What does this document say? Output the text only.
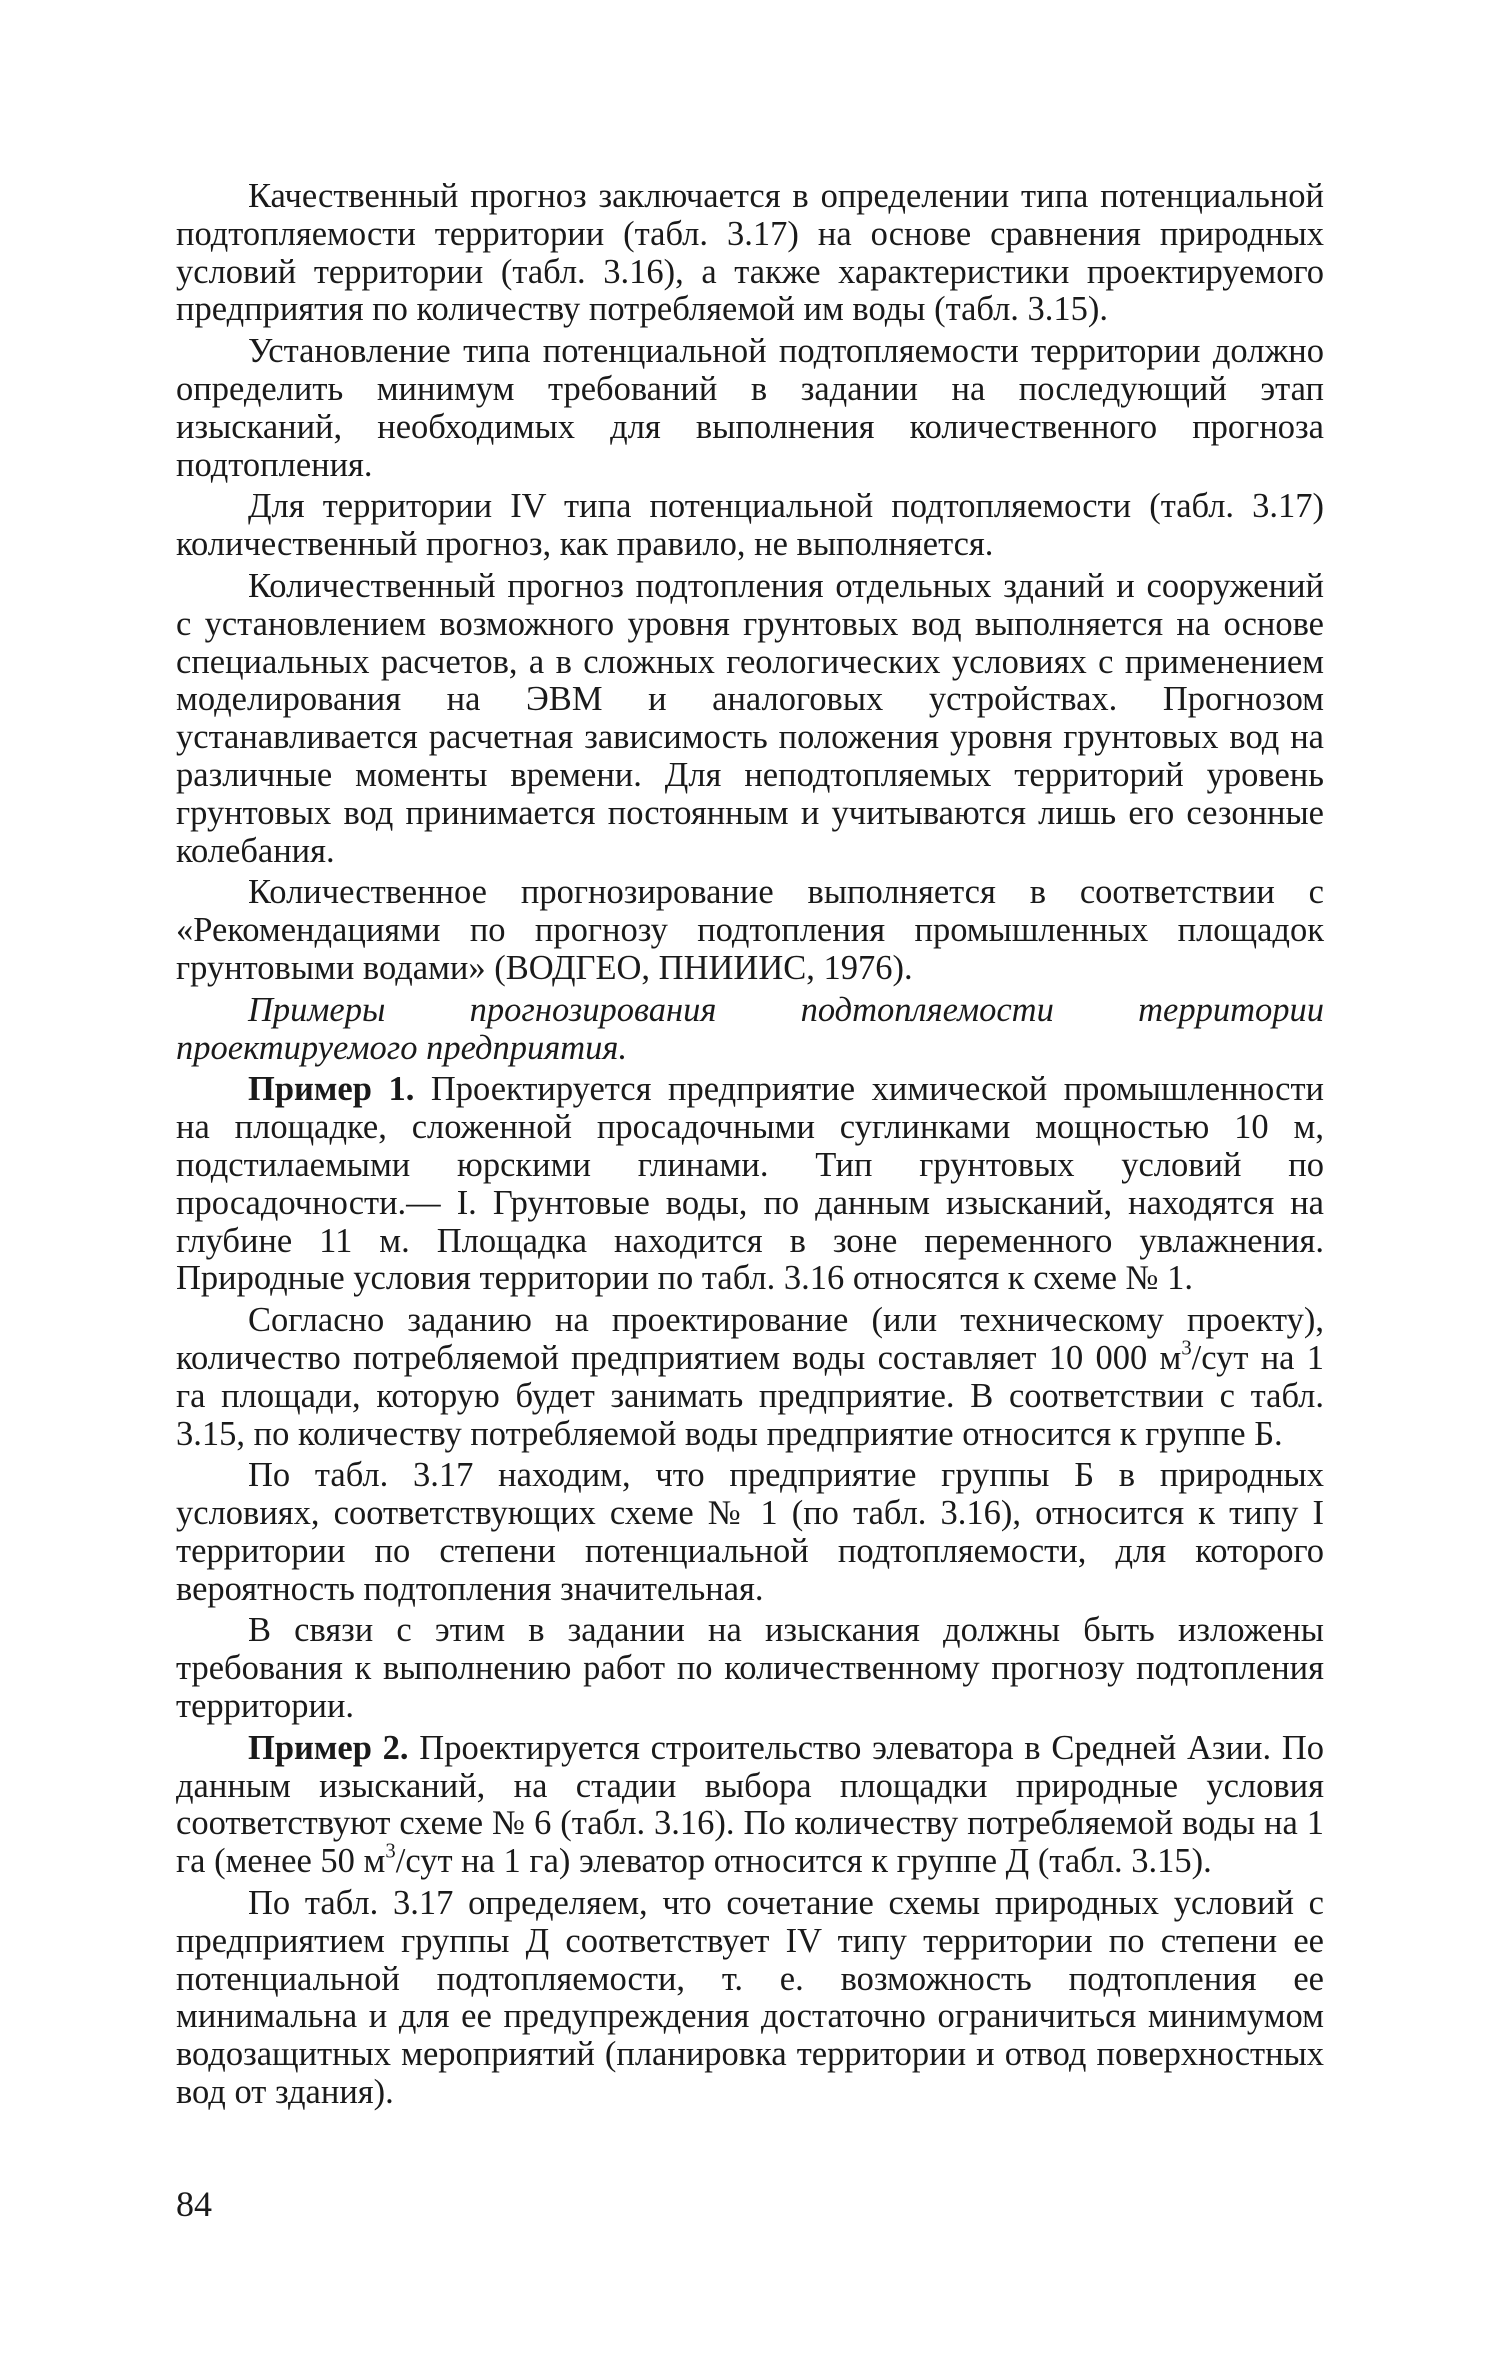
Качественный прогноз заключается в определении типа потенциальной подтопляемости территории (табл. 3.17) на основе сравнения природных условий территории (табл. 3.16), а также характеристики проектируемого предприятия по количеству потребляемой им воды (табл. 3.15).

Установление типа потенциальной подтопляемости территории должно определить минимум требований в задании на последующий этап изысканий, необходимых для выполнения количественного прогноза подтопления.

Для территории IV типа потенциальной подтопляемости (табл. 3.17) количественный прогноз, как правило, не выполняется.

Количественный прогноз подтопления отдельных зданий и сооружений с установлением возможного уровня грунтовых вод выполняется на основе специальных расчетов, а в сложных геологических условиях с применением моделирования на ЭВМ и аналоговых устройствах. Прогнозом устанавливается расчетная зависимость положения уровня грунтовых вод на различные моменты времени. Для неподтопляемых территорий уровень грунтовых вод принимается постоянным и учитываются лишь его сезонные колебания.

Количественное прогнозирование выполняется в соответствии с «Рекомендациями по прогнозу подтопления промышленных площадок грунтовыми водами» (ВОДГЕО, ПНИИИС, 1976).

Примеры прогнозирования подтопляемости территории проектируемого предприятия.

Пример 1. Проектируется предприятие химической промышленности на площадке, сложенной просадочными суглинками мощностью 10 м, подстилаемыми юрскими глинами. Тип грунтовых условий по просадочности.— I. Грунтовые воды, по данным изысканий, находятся на глубине 11 м. Площадка находится в зоне переменного увлажнения. Природные условия территории по табл. 3.16 относятся к схеме № 1.

Согласно заданию на проектирование (или техническому проекту), количество потребляемой предприятием воды составляет 10 000 $м^3$/сут на 1 га площади, которую будет занимать предприятие. В соответствии с табл. 3.15, по количеству потребляемой воды предприятие относится к группе Б.

По табл. 3.17 находим, что предприятие группы Б в природных условиях, соответствующих схеме № 1 (по табл. 3.16), относится к типу I территории по степени потенциальной подтопляемости, для которого вероятность подтопления значительная.

В связи с этим в задании на изыскания должны быть изложены требования к выполнению работ по количественному прогнозу подтопления территории.

Пример 2. Проектируется строительство элеватора в Средней Азии. По данным изысканий, на стадии выбора площадки природные условия соответствуют схеме № 6 (табл. 3.16). По количеству потребляемой воды на 1 га (менее 50 $м^3$/сут на 1 га) элеватор относится к группе Д (табл. 3.15).

По табл. 3.17 определяем, что сочетание схемы природных условий с предприятием группы Д соответствует IV типу территории по степени ее потенциальной подтопляемости, т. е. возможность подтопления ее минимальна и для ее предупреждения достаточно ограничиться минимумом водозащитных мероприятий (планировка территории и отвод поверхностных вод от здания).

84
